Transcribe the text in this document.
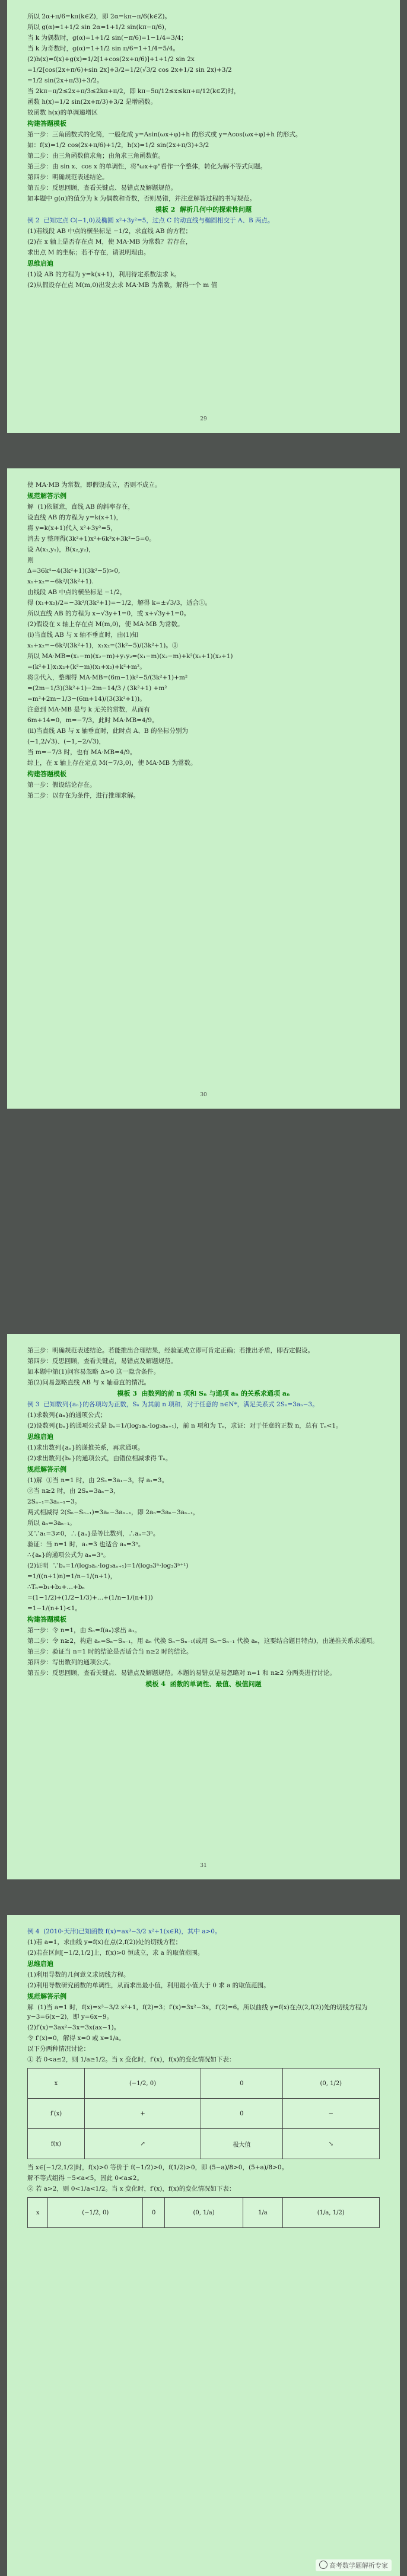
所以 2α+π/6=kπ(k∈Z)，即 2α=kπ−π/6(k∈Z)。

所以 g(α)=1+1/2 sin 2α=1+1/2 sin(kπ−π/6)，

当 k 为偶数时，g(α)=1+1/2 sin(−π/6)=1−1/4=3/4；

当 k 为奇数时，g(α)=1+1/2 sin π/6=1+1/4=5/4。

(2)h(x)=f(x)+g(x)=1/2[1+cos(2x+π/6)]+1+1/2 sin 2x

=1/2[cos(2x+π/6)+sin 2x]+3/2=1/2(√3/2 cos 2x+1/2 sin 2x)+3/2

=1/2 sin(2x+π/3)+3/2。

当 2kπ−π/2≤2x+π/3≤2kπ+π/2，即 kπ−5π/12≤x≤kπ+π/12(k∈Z)时，

函数 h(x)=1/2 sin(2x+π/3)+3/2 是增函数。

故函数 h(x)的单调递增区

构建答题模板

第一步：三角函数式的化简，一般化成 y=Asin(ωx+φ)+h 的形式或 y=Acos(ωx+φ)+h 的形式。

如：f(x)=1/2 cos(2x+π/6)+1/2，h(x)=1/2 sin(2x+π/3)+3/2

第二步：由三角函数值求角；由角求三角函数值。

第三步：由 sin x、cos x 的单调性，将"ωx+φ"看作一个整体，转化为解不等式问题。

第四步：明确规范表述结论。

第五步：反思回顾，查看关键点、易错点及解题规范。

如本题中 g(α)的值分为 k 为偶数和奇数，否则易错，并注意解答过程的书写规范。

模板 2  解析几何中的探索性问题

例 2  已知定点 C(−1,0)及椭圆 x²+3y²=5，过点 C 的动直线与椭圆相交于 A、B 两点。

(1)若线段 AB 中点的横坐标是 −1/2，求直线 AB 的方程；

(2)在 x 轴上是否存在点 M，使 MA·MB 为常数？若存在，

求出点 M 的坐标；若不存在，请说明理由。

思维启迪

(1)设 AB 的方程为 y=k(x+1)，利用待定系数法求 k。

(2)从假设存在点 M(m,0)出发去求 MA·MB 为常数，解得一个 m 值

29

使 MA·MB 为常数，即假设成立，否则不成立。

规范解答示例

解  (1)依题意，直线 AB 的斜率存在，

设直线 AB 的方程为 y=k(x+1)，

将 y=k(x+1)代入 x²+3y²=5，

消去 y 整理得(3k²+1)x²+6k²x+3k²−5=0。

设 A(x₁,y₁)，B(x₂,y₂)，

则

Δ=36k⁴−4(3k²+1)(3k²−5)>0,

x₁+x₂=−6k²/(3k²+1).

由线段 AB 中点的横坐标是 −1/2，

得 (x₁+x₂)/2=−3k²/(3k²+1)=−1/2，解得 k=±√3/3，适合①。

所以直线 AB 的方程为 x−√3y+1=0，或 x+√3y+1=0。

(2)假设在 x 轴上存在点 M(m,0)，使 MA·MB 为常数。

(ⅰ)当直线 AB 与 x 轴不垂直时，由(1)知

x₁+x₂=−6k²/(3k²+1)，x₁x₂=(3k²−5)/(3k²+1)。③

所以 MA·MB=(x₁−m)(x₂−m)+y₁y₂=(x₁−m)(x₂−m)+k²(x₁+1)(x₂+1)

=(k²+1)x₁x₂+(k²−m)(x₁+x₂)+k²+m²。

将③代入，整理得 MA·MB=(6m−1)k²−5/(3k²+1)+m²

=(2m−1/3)(3k²+1)−2m−14/3 / (3k²+1) +m²

=m²+2m−1/3−(6m+14)/(3(3k²+1))。

注意到 MA·MB 是与 k 无关的常数，从而有

6m+14=0，m=−7/3，此时 MA·MB=4/9。

(ⅱ)当直线 AB 与 x 轴垂直时，此时点 A、B 的坐标分别为

(−1,2/√3)、(−1,−2/√3)，

当 m=−7/3 时，也有 MA·MB=4/9。

综上，在 x 轴上存在定点 M(−7/3,0)，使 MA·MB 为常数。

构建答题模板

第一步：假设结论存在。

第二步：以存在为条件，进行推理求解。

30

第三步：明确规范表述结论。若能推出合理结果，经验证成立即可肯定正确；若推出矛盾，即否定假设。

第四步：反思回顾，查看关键点，易错点及解题规范。

如本题中第(1)问容易忽略 Δ>0 这一隐含条件。

第(2)问易忽略直线 AB 与 x 轴垂直的情况。

模板 3  由数列的前 n 项和 Sₙ 与通项 aₙ 的关系求通项 aₙ

例 3  已知数列{aₙ}的各项均为正数，Sₙ 为其前 n 项和，对于任意的 n∈N*，满足关系式 2Sₙ=3aₙ−3。

(1)求数列{aₙ}的通项公式；

(2)设数列{bₙ}的通项公式是 bₙ=1/(log₃aₙ·log₃aₙ₊₁)，前 n 项和为 Tₙ，求证：对于任意的正数 n，总有 Tₙ<1。

思维启迪

(1)求出数列{aₙ}的递推关系，再求通项。

(2)求出数列{bₙ}的通项公式，由错位相减求得 Tₙ。

规范解答示例

(1)解  ①当 n=1 时，由 2S₁=3a₁−3，得 a₁=3。

②当 n≥2 时，由 2Sₙ=3aₙ−3，

2Sₙ₋₁=3aₙ₋₁−3。

两式相减得 2(Sₙ−Sₙ₋₁)=3aₙ−3aₙ₋₁，即 2aₙ=3aₙ−3aₙ₋₁，

所以 aₙ=3aₙ₋₁。

又∵a₁=3≠0，∴{aₙ}是等比数列，∴aₙ=3ⁿ。

验证：当 n=1 时，a₁=3 也适合 aₙ=3ⁿ。

∴{aₙ}的通项公式为 aₙ=3ⁿ。

(2)证明  ∵bₙ=1/(log₃aₙ·log₃aₙ₊₁)=1/(log₃3ⁿ·log₃3ⁿ⁺¹)

=1/((n+1)n)=1/n−1/(n+1)，

∴Tₙ=b₁+b₂+…+bₙ

=(1−1/2)+(1/2−1/3)+…+(1/n−1/(n+1))

=1−1/(n+1)<1。

构建答题模板

第一步：令 n=1，由 Sₙ=f(aₙ)求出 a₁。

第二步：令 n≥2，构造 aₙ=Sₙ−Sₙ₋₁，用 aₙ 代换 Sₙ−Sₙ₋₁(或用 Sₙ−Sₙ₋₁ 代换 aₙ，这要结合题目特点)，由递推关系求通项。

第三步：验证当 n=1 时的结论是否适合当 n≥2 时的结论。

第四步：写出数列的通项公式。

第五步：反思回顾，查看关键点、易错点及解题规范。本题的易错点是易忽略对 n=1 和 n≥2 分两类进行讨论。

模板 4  函数的单调性、最值、极值问题

31

例 4  (2010·天津)已知函数 f(x)=ax³−3/2 x²+1(x∈R)，其中 a>0。

(1)若 a=1，求曲线 y=f(x)在点(2,f(2))处的切线方程；

(2)若在区间[−1/2,1/2]上，f(x)>0 恒成立，求 a 的取值范围。

思维启迪

(1)利用导数的几何意义求切线方程。

(2)利用导数研究函数的单调性，从而求出最小值，利用最小值大于 0 求 a 的取值范围。

规范解答示例

解  (1)当 a=1 时，f(x)=x³−3/2 x²+1，f(2)=3；f′(x)=3x²−3x，f′(2)=6。所以曲线 y=f(x)在点(2,f(2))处的切线方程为 y−3=6(x−2)，即 y=6x−9。

(2)f′(x)=3ax²−3x=3x(ax−1)。

令 f′(x)=0，解得 x=0 或 x=1/a。

以下分两种情况讨论：

① 若 0<a≤2，则 1/a≥1/2。当 x 变化时，f′(x)，f(x)的变化情况如下表：

x	(−1/2, 0)	0	(0, 1/2)
f′(x)	+	0	−
f(x)	↗	极大值	↘

当 x∈[−1/2,1/2]时，f(x)>0 等价于 f(−1/2)>0，f(1/2)>0，即 (5−a)/8>0，(5+a)/8>0。

解不等式组得 −5<a<5，因此 0<a≤2。

② 若 a>2，则 0<1/a<1/2。当 x 变化时，f′(x)，f(x)的变化情况如下表：

x	(−1/2, 0)	0	(0, 1/a)	1/a	(1/a, 1/2)
高考数学题解析专家
